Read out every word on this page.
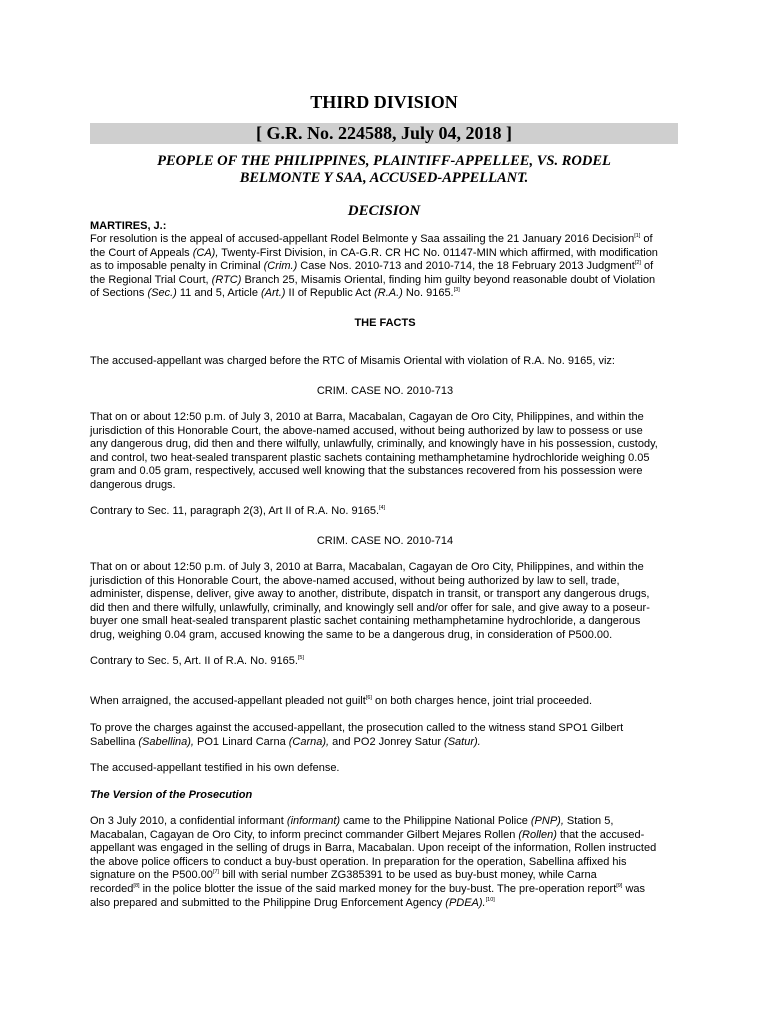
THIRD DIVISION
[ G.R. No. 224588, July 04, 2018 ]
PEOPLE OF THE PHILIPPINES, PLAINTIFF-APPELLEE, VS. RODEL
BELMONTE Y SAA, ACCUSED-APPELLANT.
DECISION
MARTIRES, J.:
For resolution is the appeal of accused-appellant Rodel Belmonte y Saa assailing the 21 January 2016 Decision[1] of
the Court of Appeals (CA), Twenty-First Division, in CA-G.R. CR HC No. 01147-MIN which affirmed, with modification
as to imposable penalty in Criminal (Crim.) Case Nos. 2010-713 and 2010-714, the 18 February 2013 Judgment[2] of
the Regional Trial Court, (RTC) Branch 25, Misamis Oriental, finding him guilty beyond reasonable doubt of Violation
of Sections (Sec.) 11 and 5, Article (Art.) II of Republic Act (R.A.) No. 9165.[3]
THE FACTS
The accused-appellant was charged before the RTC of Misamis Oriental with violation of R.A. No. 9165, viz:
CRIM. CASE NO. 2010-713
That on or about 12:50 p.m. of July 3, 2010 at Barra, Macabalan, Cagayan de Oro City, Philippines, and within the
jurisdiction of this Honorable Court, the above-named accused, without being authorized by law to possess or use
any dangerous drug, did then and there wilfully, unlawfully, criminally, and knowingly have in his possession, custody,
and control, two heat-sealed transparent plastic sachets containing methamphetamine hydrochloride weighing 0.05
gram and 0.05 gram, respectively, accused well knowing that the substances recovered from his possession were
dangerous drugs.
Contrary to Sec. 11, paragraph 2(3), Art II of R.A. No. 9165.[4]
CRIM. CASE NO. 2010-714
That on or about 12:50 p.m. of July 3, 2010 at Barra, Macabalan, Cagayan de Oro City, Philippines, and within the
jurisdiction of this Honorable Court, the above-named accused, without being authorized by law to sell, trade,
administer, dispense, deliver, give away to another, distribute, dispatch in transit, or transport any dangerous drugs,
did then and there wilfully, unlawfully, criminally, and knowingly sell and/or offer for sale, and give away to a poseur-
buyer one small heat-sealed transparent plastic sachet containing methamphetamine hydrochloride, a dangerous
drug, weighing 0.04 gram, accused knowing the same to be a dangerous drug, in consideration of P500.00.
Contrary to Sec. 5, Art. II of R.A. No. 9165.[5]
When arraigned, the accused-appellant pleaded not guilt[6] on both charges hence, joint trial proceeded.
To prove the charges against the accused-appellant, the prosecution called to the witness stand SPO1 Gilbert
Sabellina (Sabellina), PO1 Linard Carna (Carna), and PO2 Jonrey Satur (Satur).
The accused-appellant testified in his own defense.
The Version of the Prosecution
On 3 July 2010, a confidential informant (informant) came to the Philippine National Police (PNP), Station 5,
Macabalan, Cagayan de Oro City, to inform precinct commander Gilbert Mejares Rollen (Rollen) that the accused-
appellant was engaged in the selling of drugs in Barra, Macabalan. Upon receipt of the information, Rollen instructed
the above police officers to conduct a buy-bust operation. In preparation for the operation, Sabellina affixed his
signature on the P500.00[7] bill with serial number ZG385391 to be used as buy-bust money, while Carna
recorded[8] in the police blotter the issue of the said marked money for the buy-bust. The pre-operation report[9] was
also prepared and submitted to the Philippine Drug Enforcement Agency (PDEA).[10]
